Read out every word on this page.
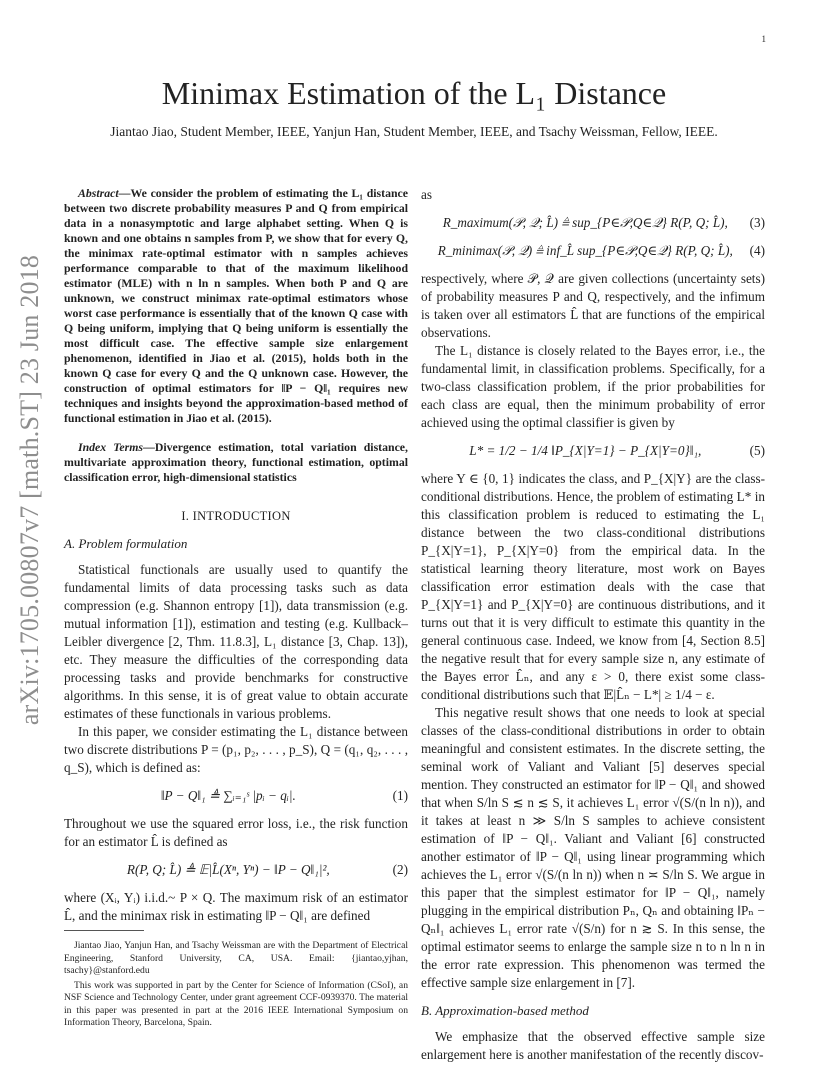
1
arXiv:1705.00807v7 [math.ST] 23 Jun 2018
Minimax Estimation of the L₁ Distance
Jiantao Jiao, Student Member, IEEE, Yanjun Han, Student Member, IEEE, and Tsachy Weissman, Fellow, IEEE.

Abstract—We consider the problem of estimating the L₁ distance between two discrete probability measures P and Q from empirical data in a nonasymptotic and large alphabet setting. When Q is known and one obtains n samples from P, we show that for every Q, the minimax rate-optimal estimator with n samples achieves performance comparable to that of the maximum likelihood estimator (MLE) with n ln n samples. When both P and Q are unknown, we construct minimax rate-optimal estimators whose worst case performance is essentially that of the known Q case with Q being uniform, implying that Q being uniform is essentially the most difficult case. The effective sample size enlargement phenomenon, identified in Jiao et al. (2015), holds both in the known Q case for every Q and the Q unknown case. However, the construction of optimal estimators for ‖P − Q‖₁ requires new techniques and insights beyond the approximation-based method of functional estimation in Jiao et al. (2015).

Index Terms—Divergence estimation, total variation distance, multivariate approximation theory, functional estimation, optimal classification error, high-dimensional statistics

I. INTRODUCTION
A. Problem formulation

Statistical functionals are usually used to quantify the fundamental limits of data processing tasks such as data compression (e.g. Shannon entropy [1]), data transmission (e.g. mutual information [1]), estimation and testing (e.g. Kullback–Leibler divergence [2, Thm. 11.8.3], L₁ distance [3, Chap. 13]), etc. They measure the difficulties of the corresponding data processing tasks and provide benchmarks for constructive algorithms. In this sense, it is of great value to obtain accurate estimates of these functionals in various problems.

In this paper, we consider estimating the L₁ distance between two discrete distributions P = (p₁, p₂, . . . , p_S), Q = (q₁, q₂, . . . , q_S), which is defined as:

‖P − Q‖₁ ≜ ∑ᵢ₌₁ˢ |pᵢ − qᵢ|.	(1)

Throughout we use the squared error loss, i.e., the risk function for an estimator L̂ is defined as

R(P, Q; L̂) ≜ 𝔼|L̂(Xⁿ, Yⁿ) − ‖P − Q‖₁|²,	(2)

where (Xᵢ, Yᵢ) i.i.d.~ P × Q. The maximum risk of an estimator L̂, and the minimax risk in estimating ‖P − Q‖₁ are defined

Jiantao Jiao, Yanjun Han, and Tsachy Weissman are with the Department of Electrical Engineering, Stanford University, CA, USA. Email: {jiantao,yjhan, tsachy}@stanford.edu

This work was supported in part by the Center for Science of Information (CSoI), an NSF Science and Technology Center, under grant agreement CCF-0939370. The material in this paper was presented in part at the 2016 IEEE International Symposium on Information Theory, Barcelona, Spain.

as

R_maximum(𝒫, 𝒬; L̂) ≜ sup_{P∈𝒫,Q∈𝒬} R(P, Q; L̂),	(3)
R_minimax(𝒫, 𝒬) ≜ inf_L̂ sup_{P∈𝒫,Q∈𝒬} R(P, Q; L̂),	(4)

respectively, where 𝒫, 𝒬 are given collections (uncertainty sets) of probability measures P and Q, respectively, and the infimum is taken over all estimators L̂ that are functions of the empirical observations.

The L₁ distance is closely related to the Bayes error, i.e., the fundamental limit, in classification problems. Specifically, for a two-class classification problem, if the prior probabilities for each class are equal, then the minimum probability of error achieved using the optimal classifier is given by

L* = 1/2 − 1/4 ‖P_{X|Y=1} − P_{X|Y=0}‖₁,	(5)

where Y ∈ {0, 1} indicates the class, and P_{X|Y} are the class-conditional distributions. Hence, the problem of estimating L* in this classification problem is reduced to estimating the L₁ distance between the two class-conditional distributions P_{X|Y=1}, P_{X|Y=0} from the empirical data. In the statistical learning theory literature, most work on Bayes classification error estimation deals with the case that P_{X|Y=1} and P_{X|Y=0} are continuous distributions, and it turns out that it is very difficult to estimate this quantity in the general continuous case. Indeed, we know from [4, Section 8.5] the negative result that for every sample size n, any estimate of the Bayes error L̂ₙ, and any ε > 0, there exist some class-conditional distributions such that 𝔼|L̂ₙ − L*| ≥ 1/4 − ε.

This negative result shows that one needs to look at special classes of the class-conditional distributions in order to obtain meaningful and consistent estimates. In the discrete setting, the seminal work of Valiant and Valiant [5] deserves special mention. They constructed an estimator for ‖P − Q‖₁ and showed that when S/ln S ≲ n ≲ S, it achieves L₁ error √(S/(n ln n)), and it takes at least n ≫ S/ln S samples to achieve consistent estimation of ‖P − Q‖₁. Valiant and Valiant [6] constructed another estimator of ‖P − Q‖₁ using linear programming which achieves the L₁ error √(S/(n ln n)) when n ≍ S/ln S. We argue in this paper that the simplest estimator for ‖P − Q‖₁, namely plugging in the empirical distribution Pₙ, Qₙ and obtaining ‖Pₙ − Qₙ‖₁ achieves L₁ error rate √(S/n) for n ≳ S. In this sense, the optimal estimator seems to enlarge the sample size n to n ln n in the error rate expression. This phenomenon was termed the effective sample size enlargement in [7].

B. Approximation-based method

We emphasize that the observed effective sample size enlargement here is another manifestation of the recently discov-
